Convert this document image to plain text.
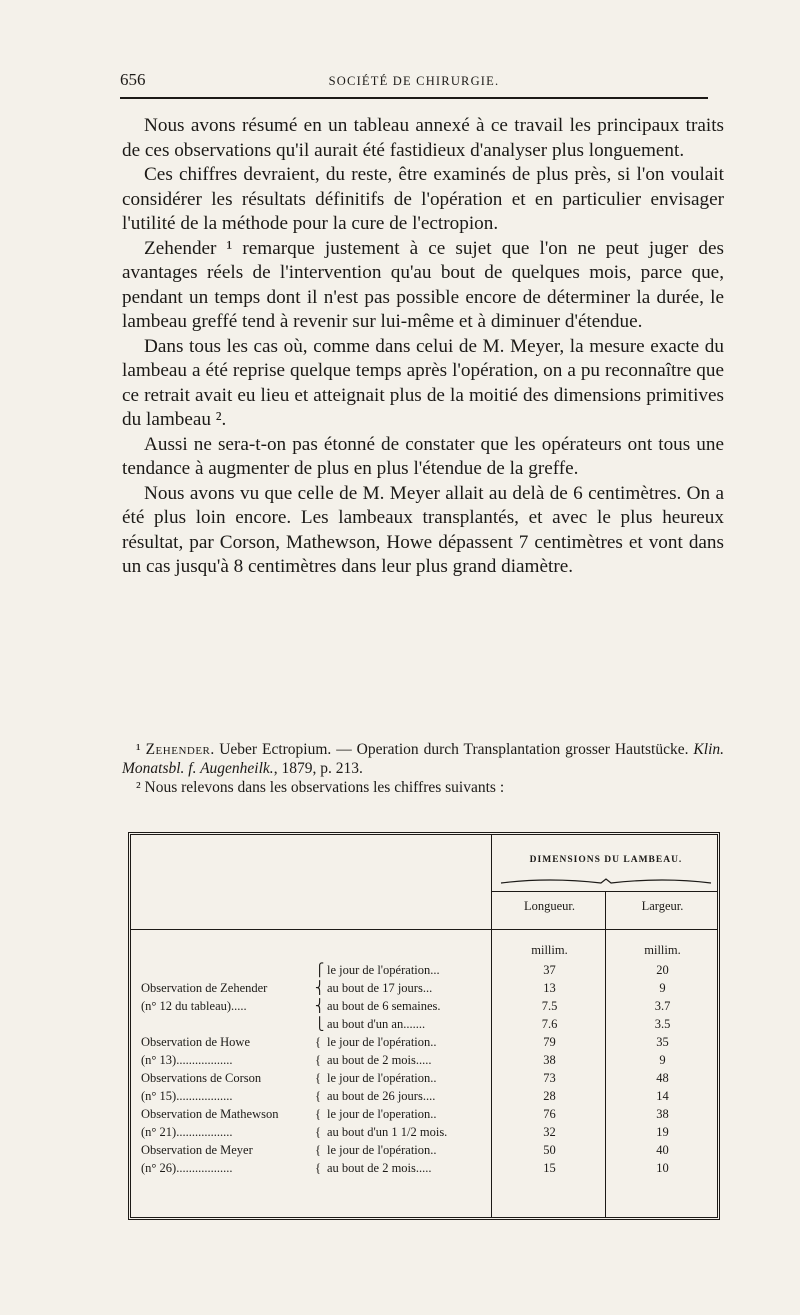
656	SOCIÉTÉ DE CHIRURGIE.

Nous avons résumé en un tableau annexé à ce travail les principaux traits de ces observations qu'il aurait été fastidieux d'analyser plus longuement.

Ces chiffres devraient, du reste, être examinés de plus près, si l'on voulait considérer les résultats définitifs de l'opération et en particulier envisager l'utilité de la méthode pour la cure de l'ectropion.

Zehender ¹ remarque justement à ce sujet que l'on ne peut juger des avantages réels de l'intervention qu'au bout de quelques mois, parce que, pendant un temps dont il n'est pas possible encore de déterminer la durée, le lambeau greffé tend à revenir sur lui-même et à diminuer d'étendue.

Dans tous les cas où, comme dans celui de M. Meyer, la mesure exacte du lambeau a été reprise quelque temps après l'opération, on a pu reconnaître que ce retrait avait eu lieu et atteignait plus de la moitié des dimensions primitives du lambeau ².

Aussi ne sera-t-on pas étonné de constater que les opérateurs ont tous une tendance à augmenter de plus en plus l'étendue de la greffe.

Nous avons vu que celle de M. Meyer allait au delà de 6 centimètres. On a été plus loin encore. Les lambeaux transplantés, et avec le plus heureux résultat, par Corson, Mathewson, Howe dépassent 7 centimètres et vont dans un cas jusqu'à 8 centimètres dans leur plus grand diamètre.

¹ Zehender. Ueber Ectropium. — Operation durch Transplantation grosser Hautstücke. Klin. Monatsbl. f. Augenheilk., 1879, p. 213.

² Nous relevons dans les observations les chiffres suivants :

DIMENSIONS DU LAMBEAU.
Longueur.	Largeur.
millim.	millim.
le jour de l'opération...	37	20
⎧
Observation de Zehender	au bout de 17 jours...	13	9
⎨
(n° 12 du tableau).....	au bout de 6 semaines.	7.5	3.7
⎨
au bout d'un an.......	7.6	3.5
⎩
Observation de Howe	le jour de l'opération..	79	35
{
(n° 13)..................	au bout de 2 mois.....	38	9
{
Observations de Corson	le jour de l'opération..	73	48
{
(n° 15)..................	au bout de 26 jours....	28	14
{
Observation de Mathewson	le jour de l'operation..	76	38
{
(n° 21)..................	au bout d'un 1 1/2 mois.	32	19
{
Observation de Meyer	le jour de l'opération..	50	40
{
(n° 26)..................	au bout de 2 mois.....	15	10
{
